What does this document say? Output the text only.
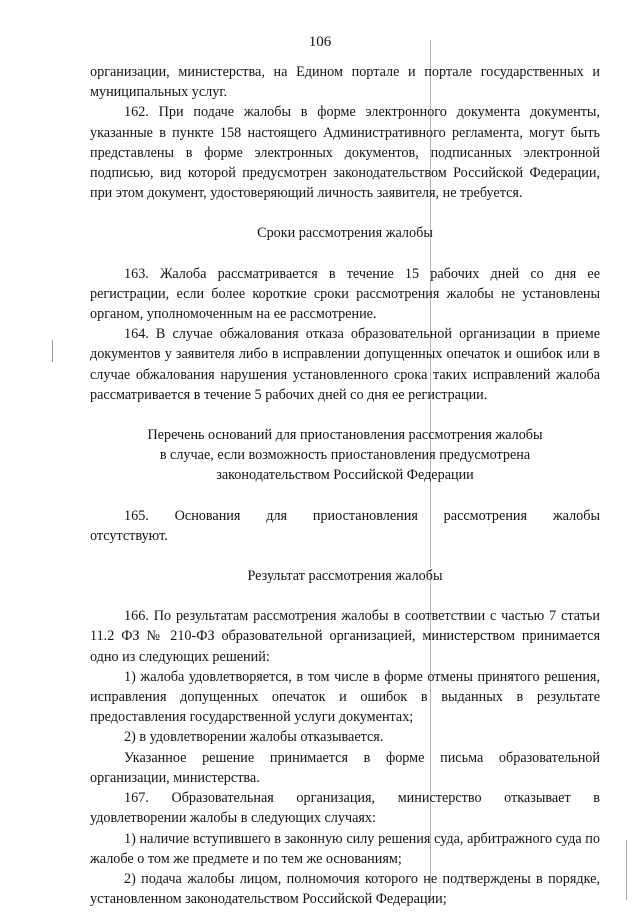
106

организации, министерства, на Едином портале и портале государственных и муниципальных услуг.

162. При подаче жалобы в форме электронного документа документы, указанные в пункте 158 настоящего Административного регламента, могут быть представлены в форме электронных документов, подписанных электронной подписью, вид которой предусмотрен законодательством Российской Федерации, при этом документ, удостоверяющий личность заявителя, не требуется.

Сроки рассмотрения жалобы

163. Жалоба рассматривается в течение 15 рабочих дней со дня ее регистрации, если более короткие сроки рассмотрения жалобы не установлены органом, уполномоченным на ее рассмотрение.

164. В случае обжалования отказа образовательной организации в приеме документов у заявителя либо в исправлении допущенных опечаток и ошибок или в случае обжалования нарушения установленного срока таких исправлений жалоба рассматривается в течение 5 рабочих дней со дня ее регистрации.

Перечень оснований для приостановления рассмотрения жалобы

в случае, если возможность приостановления предусмотрена

законодательством Российской Федерации

165. Основания для приостановления рассмотрения жалобы отсутствуют.

Результат рассмотрения жалобы

166. По результатам рассмотрения жалобы в соответствии с частью 7 статьи 11.2 ФЗ № 210-ФЗ образовательной организацией, министерством принимается одно из следующих решений:

1) жалоба удовлетворяется, в том числе в форме отмены принятого решения, исправления допущенных опечаток и ошибок в выданных в результате предоставления государственной услуги документах;

2) в удовлетворении жалобы отказывается.

Указанное решение принимается в форме письма образовательной организации, министерства.

167. Образовательная организация, министерство отказывает в удовлетворении жалобы в следующих случаях:

1) наличие вступившего в законную силу решения суда, арбитражного суда по жалобе о том же предмете и по тем же основаниям;

2) подача жалобы лицом, полномочия которого не подтверждены в порядке, установленном законодательством Российской Федерации;
